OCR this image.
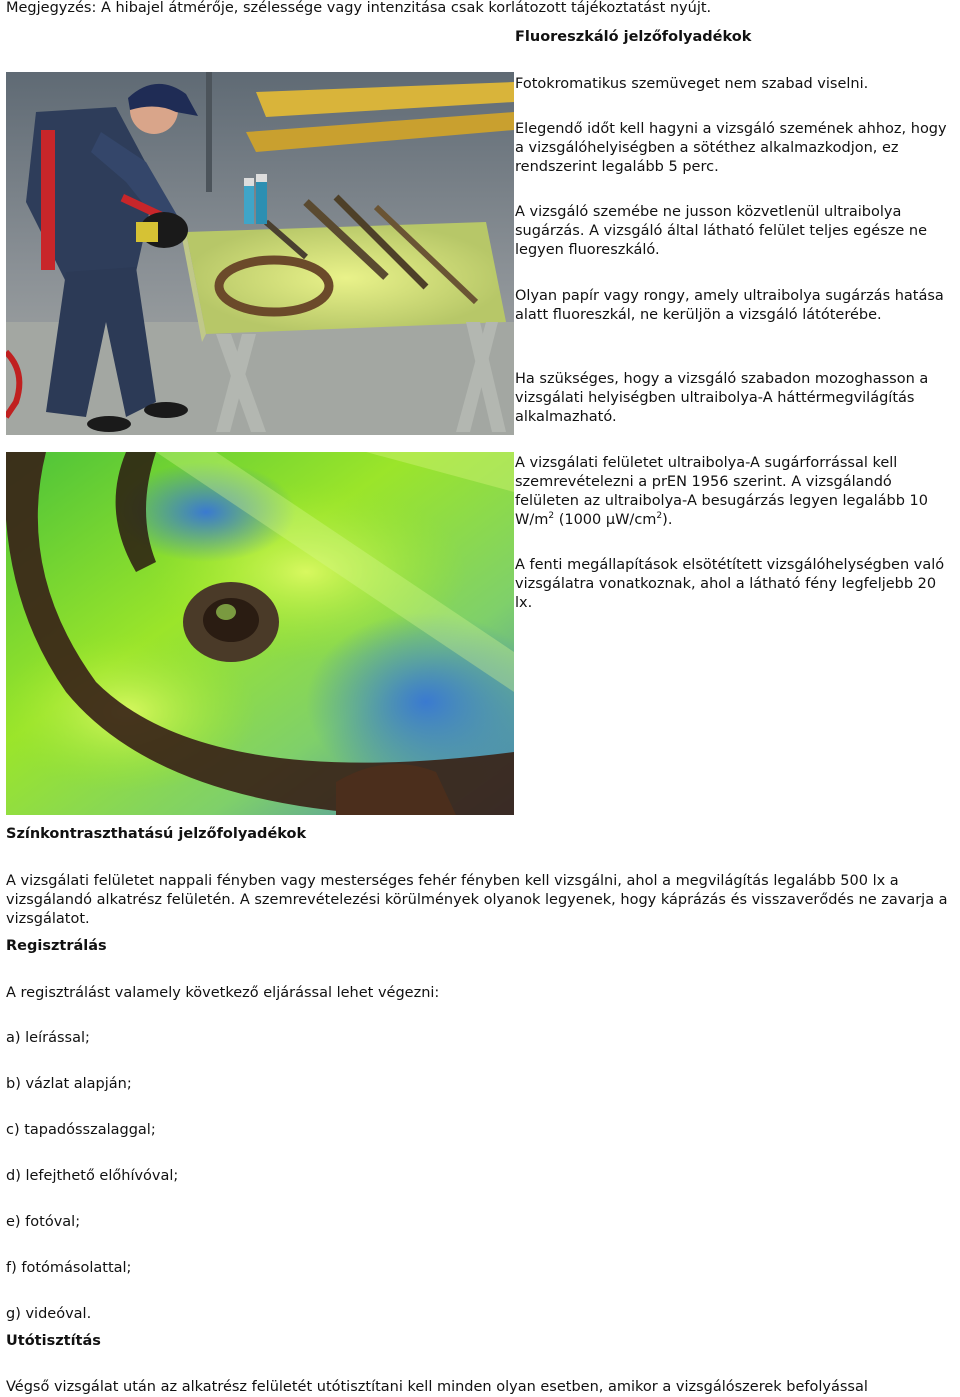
Megjegyzés: A hibajel átmérője, szélessége vagy intenzitása csak korlátozott tájékoztatást nyújt.
Fluoreszkáló jelzőfolyadékok

Fotokromatikus szemüveget nem szabad viselni.

Elegendő időt kell hagyni a vizsgáló szemének ahhoz, hogy a vizsgálóhelyiségben a sötéthez alkalmazkodjon, ez rendszerint legalább 5 perc.

A vizsgáló szemébe ne jusson közvetlenül ultraibolya sugárzás. A vizsgáló által látható felület teljes egésze ne legyen fluoreszkáló.

Olyan papír vagy rongy, amely ultraibolya sugárzás hatása alatt fluoreszkál, ne kerüljön a vizsgáló látóterébe.

Ha szükséges, hogy a vizsgáló szabadon mozoghasson a vizsgálati helyiségben ultraibolya-A háttérmegvilágítás alkalmazható.

A vizsgálati felületet ultraibolya-A sugárforrással kell szemrevételezni a prEN 1956 szerint. A vizsgálandó felületen az ultraibolya-A besugárzás legyen legalább 10 $W/m^2$ (1000 $\mu W/cm^2$).

A fenti megállapítások elsötétített vizsgálóhelységben való vizsgálatra vonatkoznak, ahol a látható fény legfeljebb 20 lx.

Színkontraszthatású jelzőfolyadékok

A vizsgálati felületet nappali fényben vagy mesterséges fehér fényben kell vizsgálni, ahol a megvilágítás legalább 500 lx a vizsgálandó alkatrész felületén. A szemrevételezési körülmények olyanok legyenek, hogy káprázás és visszaverődés ne zavarja a vizsgálatot.

Regisztrálás
A regisztrálást valamely következő eljárással lehet végezni:
a) leírással;
b) vázlat alapján;
c) tapadósszalaggal;
d) lefejthető előhívóval;
e) fotóval;
f) fotómásolattal;
g) videóval.
Utótisztítás
Végső vizsgálat után az alkatrész felületét utótisztítani kell minden olyan esetben, amikor a vizsgálószerek befolyással
